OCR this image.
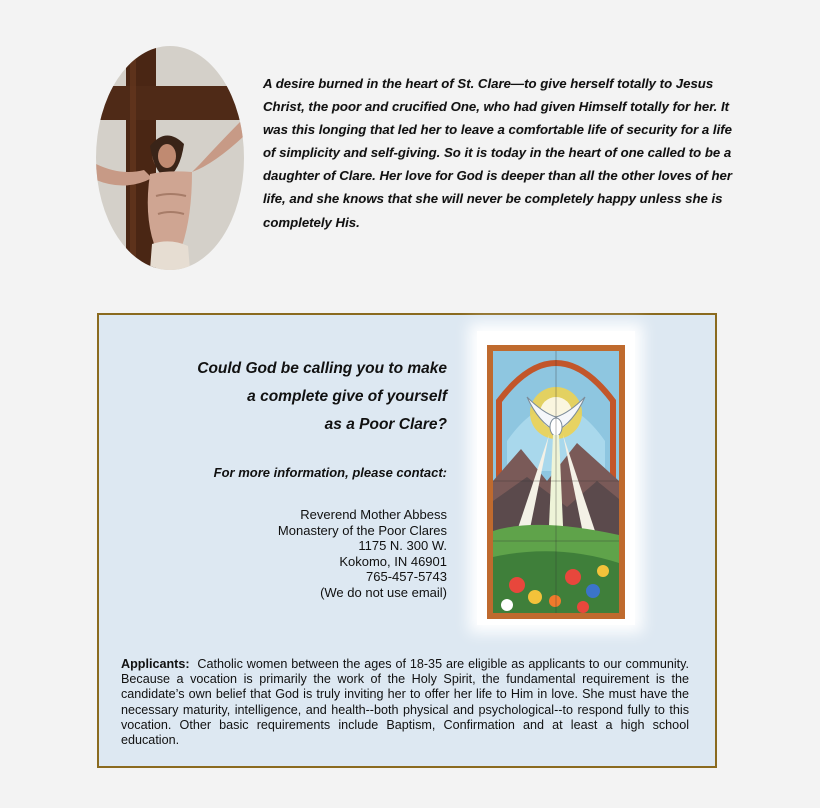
A desire burned in the heart of St. Clare—to give herself totally to Jesus Christ, the poor and crucified One, who had given Himself totally for her. It was this longing that led her to leave a comfortable life of security for a life of simplicity and self-giving. So it is today in the heart of one called to be a daughter of Clare. Her love for God is deeper than all the other loves of her life, and she knows that she will never be completely happy unless she is completely His.

Could God be calling you to make
a complete give of yourself
as a Poor Clare?
For more information, please contact:
Reverend Mother Abbess
Monastery of the Poor Clares
1175 N. 300 W.
Kokomo, IN 46901
765-457-5743
(We do not use email)
Applicants: Catholic women between the ages of 18-35 are eligible as applicants to our community. Because a vocation is primarily the work of the Holy Spirit, the fundamental requirement is the candidate’s own belief that God is truly inviting her to offer her life to Him in love. She must have the necessary maturity, intelligence, and health--both physical and psychological--to respond fully to this vocation. Other basic requirements include Baptism, Confirmation and at least a high school education.
